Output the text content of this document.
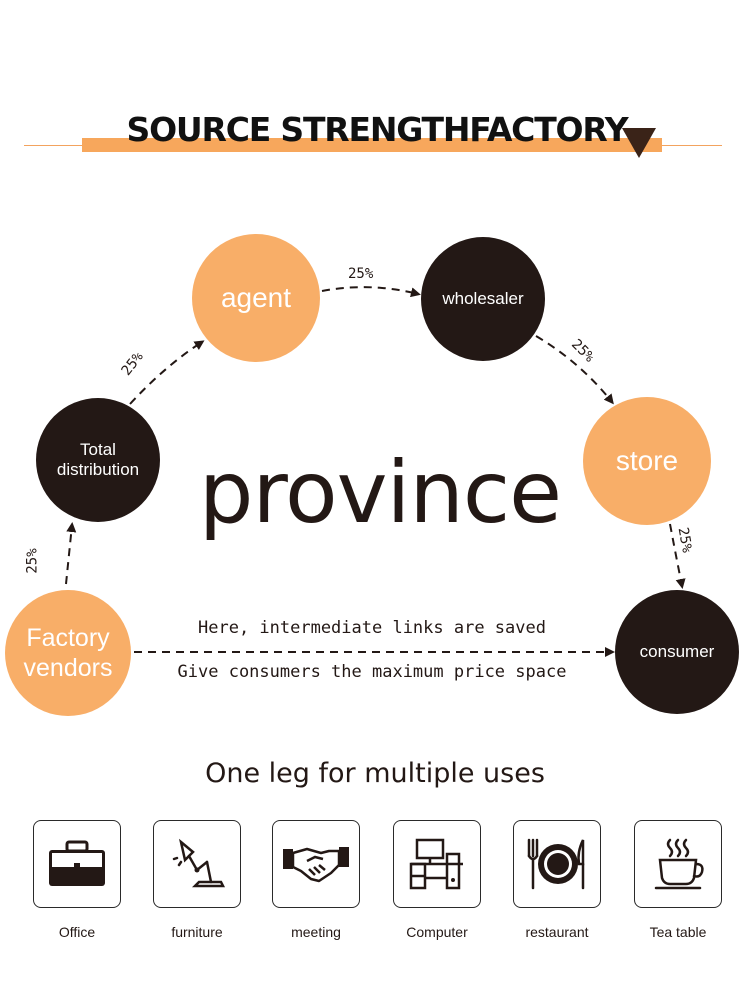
SOURCE STRENGTHFACTORY
province
Factory vendors
Total
distribution
agent	wholesaler
store
consumer
25%
25%
25%
25%
25%
Here, intermediate links are saved
Give consumers the maximum price space
One leg for multiple uses
Office	furniture	meeting	Computer	restaurant	Tea table
